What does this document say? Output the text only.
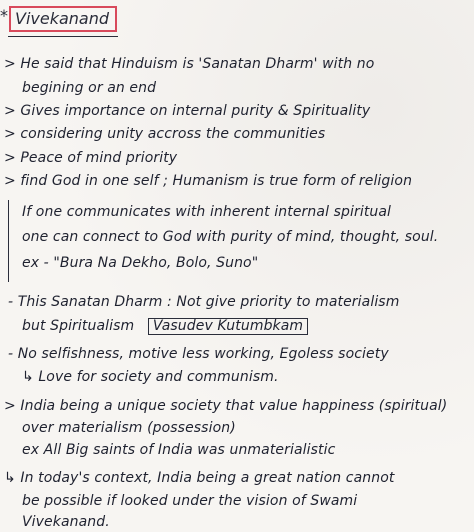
* Vivekanand
> He said that Hinduism is 'Sanatan Dharm' with no
begining or an end
> Gives importance on internal purity & Spirituality
> considering unity accross the communities
> Peace of mind priority
> find God in one self ; Humanism is true form of religion
If one communicates with inherent internal spiritual
one can connect to God with purity of mind, thought, soul.
ex - "Bura Na Dekho, Bolo, Suno"
- This Sanatan Dharm : Not give priority to materialism
but Spiritualism Vasudev Kutumbkam
- No selfishness, motive less working, Egoless society
↳ Love for society and communism.
> India being a unique society that value happiness (spiritual)
over materialism (possession)
ex All Big saints of India was unmaterialistic
↳ In today's context, India being a great nation cannot
be possible if looked under the vision of Swami
Vivekanand.
